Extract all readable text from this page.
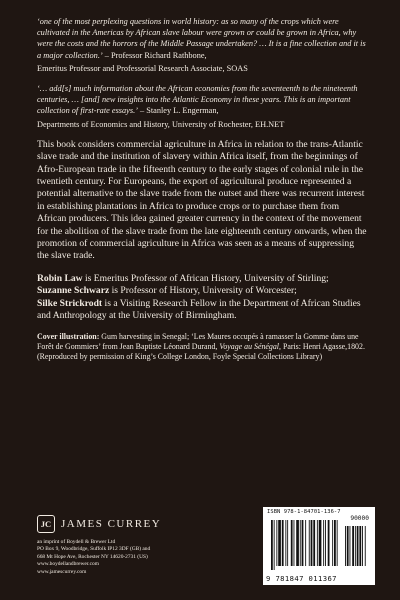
‘one of the most perplexing questions in world history: as so many of the crops which were cultivated in the Americas by African slave labour were grown or could be grown in Africa, why were the costs and the horrors of the Middle Passage undertaken? … It is a fine collection and it is a major collection.’ – Professor Richard Rathbone,
Emeritus Professor and Professorial Research Associate, SOAS
‘… add[s] much information about the African economies from the seventeenth to the nineteenth centuries, … [and] new insights into the Atlantic Economy in these years. This is an important collection of first-rate essays.’ – Stanley L. Engerman,
Departments of Economics and History, University of Rochester, EH.NET

This book considers commercial agriculture in Africa in relation to the trans-Atlantic slave trade and the institution of slavery within Africa itself, from the beginnings of Afro-European trade in the fifteenth century to the early stages of colonial rule in the twentieth century. For Europeans, the export of agricultural produce represented a potential alternative to the slave trade from the outset and there was recurrent interest in establishing plantations in Africa to produce crops or to purchase them from African producers. This idea gained greater currency in the context of the movement for the abolition of the slave trade from the late eighteenth century onwards, when the promotion of commercial agriculture in Africa was seen as a means of suppressing the slave trade.

Robin Law is Emeritus Professor of African History, University of Stirling;
Suzanne Schwarz is Professor of History, University of Worcester;
Silke Strickrodt is a Visiting Research Fellow in the Department of African Studies and Anthropology at the University of Birmingham.

Cover illustration: Gum harvesting in Senegal; ‘Les Maures occupés à ramasser la Gomme dans une Forêt de Gommiers’ from Jean Baptiste Léonard Durand, Voyage au Sénégal, Paris: Henri Agasse,1802. (Reproduced by permission of King’s College London, Foyle Special Collections Library)

JC JAMES CURREY
an imprint of Boydell & Brewer Ltd
PO Box 9, Woodbridge, Suffolk IP12 3DF (GB) and
668 Mt Hope Ave, Rochester NY 14620-2731 (US)
www.boydellandbrewer.com
www.jamescurrey.com
ISBN 978-1-84701-136-7
90000
9 781847 011367
